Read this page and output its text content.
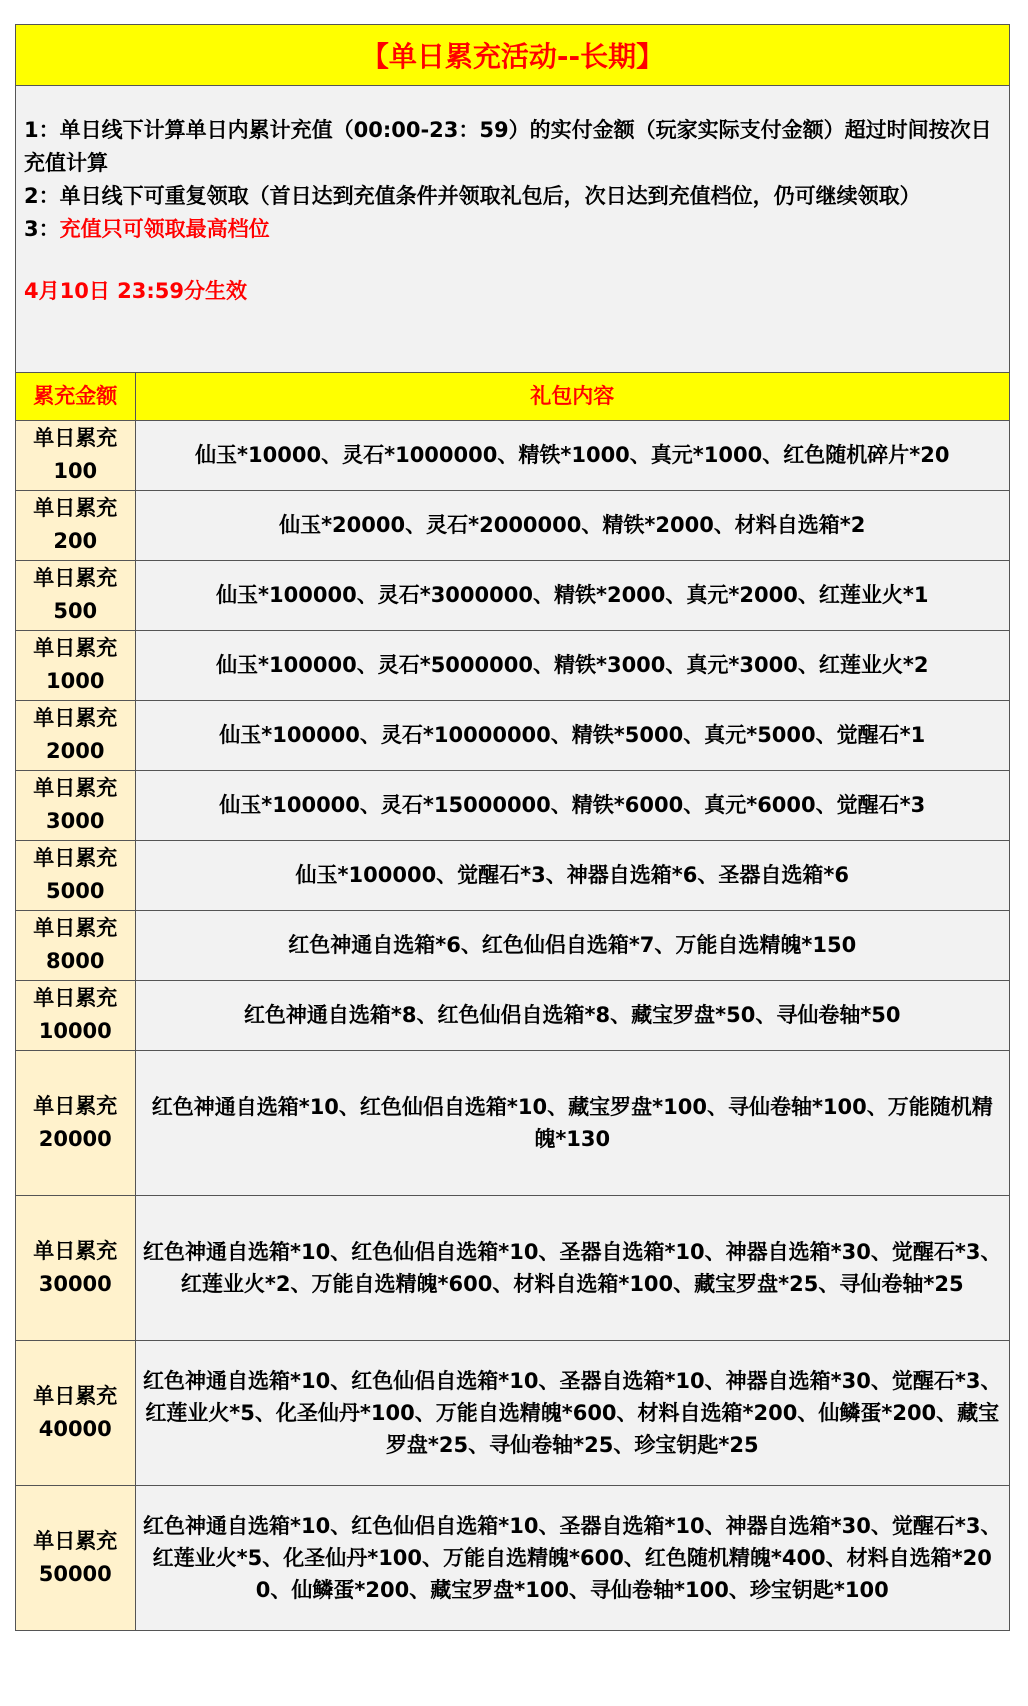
【单日累充活动--长期】
1：单日线下计算单日内累计充值（00:00-23：59）的实付金额（玩家实际支付金额）超过时间按次日充值计算
2：单日线下可重复领取（首日达到充值条件并领取礼包后，次日达到充值档位，仍可继续领取）
3：充值只可领取最高档位
4月10日 23:59分生效
累充金额	礼包内容
单日累充
100	仙玉*10000、灵石*1000000、精铁*1000、真元*1000、红色随机碎片*20
单日累充
200	仙玉*20000、灵石*2000000、精铁*2000、材料自选箱*2
单日累充
500	仙玉*100000、灵石*3000000、精铁*2000、真元*2000、红莲业火*1
单日累充
1000	仙玉*100000、灵石*5000000、精铁*3000、真元*3000、红莲业火*2
单日累充
2000	仙玉*100000、灵石*10000000、精铁*5000、真元*5000、觉醒石*1
单日累充
3000	仙玉*100000、灵石*15000000、精铁*6000、真元*6000、觉醒石*3
单日累充
5000	仙玉*100000、觉醒石*3、神器自选箱*6、圣器自选箱*6
单日累充
8000	红色神通自选箱*6、红色仙侣自选箱*7、万能自选精魄*150
单日累充
10000	红色神通自选箱*8、红色仙侣自选箱*8、藏宝罗盘*50、寻仙卷轴*50
单日累充
20000	红色神通自选箱*10、红色仙侣自选箱*10、藏宝罗盘*100、寻仙卷轴*100、万能随机精魄*130
单日累充
30000	红色神通自选箱*10、红色仙侣自选箱*10、圣器自选箱*10、神器自选箱*30、觉醒石*3、红莲业火*2、万能自选精魄*600、材料自选箱*100、藏宝罗盘*25、寻仙卷轴*25
单日累充
40000	红色神通自选箱*10、红色仙侣自选箱*10、圣器自选箱*10、神器自选箱*30、觉醒石*3、红莲业火*5、化圣仙丹*100、万能自选精魄*600、材料自选箱*200、仙鳞蛋*200、藏宝罗盘*25、寻仙卷轴*25、珍宝钥匙*25
单日累充
50000	红色神通自选箱*10、红色仙侣自选箱*10、圣器自选箱*10、神器自选箱*30、觉醒石*3、红莲业火*5、化圣仙丹*100、万能自选精魄*600、红色随机精魄*400、材料自选箱*200、仙鳞蛋*200、藏宝罗盘*100、寻仙卷轴*100、珍宝钥匙*100
